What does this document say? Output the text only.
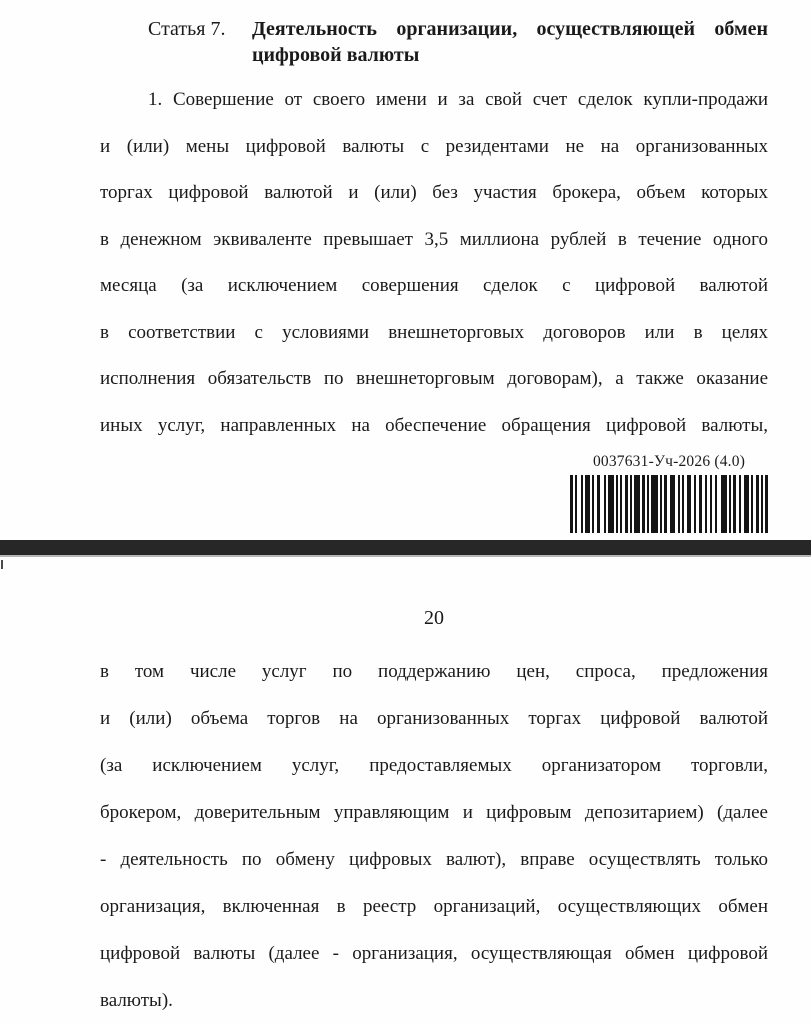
Статья 7.	Деятельность организации, осуществляющей обмен
цифровой валюты
1. Совершение от своего имени и за свой счет сделок купли-продажи
и (или) мены цифровой валюты с резидентами не на организованных
торгах цифровой валютой и (или) без участия брокера, объем которых
в денежном эквиваленте превышает 3,5 миллиона рублей в течение одного
месяца (за исключением совершения сделок с цифровой валютой
в соответствии с условиями внешнеторговых договоров или в целях
исполнения обязательств по внешнеторговым договорам), а также оказание
иных услуг, направленных на обеспечение обращения цифровой валюты,
0037631-Уч-2026 (4.0)
20
в том числе услуг по поддержанию цен, спроса, предложения
и (или) объема торгов на организованных торгах цифровой валютой
(за исключением услуг, предоставляемых организатором торговли,
брокером, доверительным управляющим и цифровым депозитарием) (далее
- деятельность по обмену цифровых валют), вправе осуществлять только
организация, включенная в реестр организаций, осуществляющих обмен
цифровой валюты (далее - организация, осуществляющая обмен цифровой
валюты).
